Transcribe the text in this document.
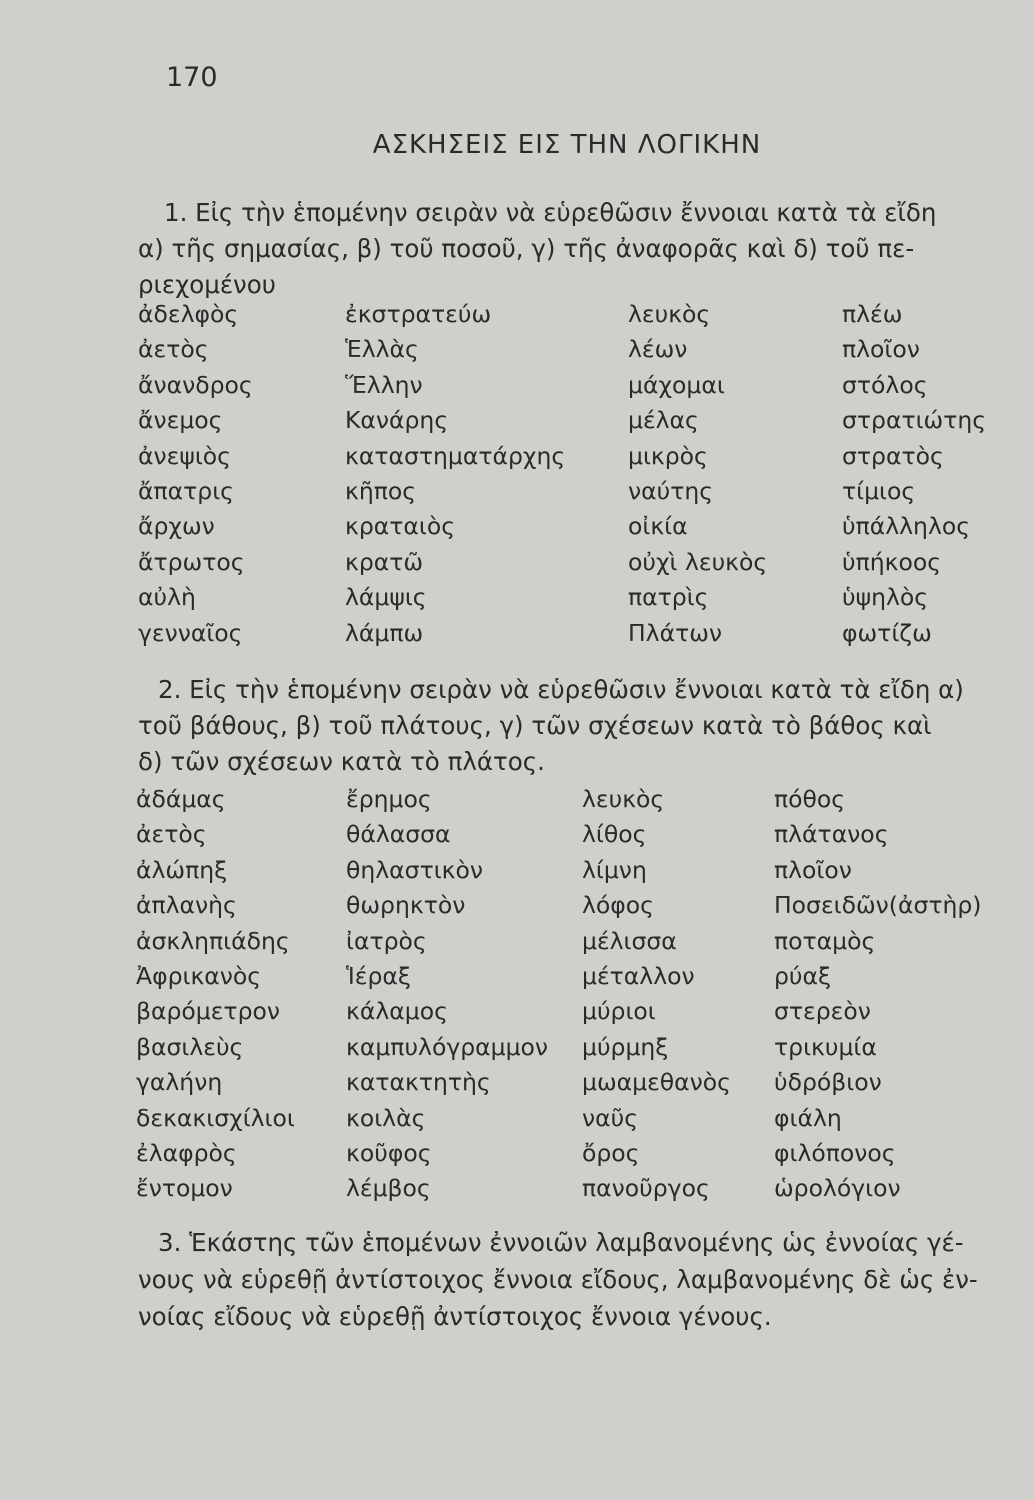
170
ΑΣΚΗΣΕΙΣ ΕΙΣ ΤΗΝ ΛΟΓΙΚΗΝ
1. Εἰς τὴν ἑπομένην σειρὰν νὰ εὑρεθῶσιν ἔννοιαι κατὰ τὰ εἴδη
α) τῆς σημασίας, β) τοῦ ποσοῦ, γ) τῆς ἀναφορᾶς καὶ δ) τοῦ πε-
ριεχομένου
ἀδελφὸς
ἀετὸς
ἄνανδρος
ἄνεμος
ἀνεψιὸς
ἄπατρις
ἄρχων
ἄτρωτος
αὐλὴ
γενναῖος
ἐκστρατεύω
Ἑλλὰς
Ἕλλην
Κανάρης
καταστηματάρχης
κῆπος
κραταιὸς
κρατῶ
λάμψις
λάμπω
λευκὸς
λέων
μάχομαι
μέλας
μικρὸς
ναύτης
οἰκία
οὐχὶ λευκὸς
πατρὶς
Πλάτων
πλέω
πλοῖον
στόλος
στρατιώτης
στρατὸς
τίμιος
ὑπάλληλος
ὑπήκοος
ὑψηλὸς
φωτίζω
2. Εἰς τὴν ἑπομένην σειρὰν νὰ εὑρεθῶσιν ἔννοιαι κατὰ τὰ εἴδη α)
τοῦ βάθους, β) τοῦ πλάτους, γ) τῶν σχέσεων κατὰ τὸ βάθος καὶ
δ) τῶν σχέσεων κατὰ τὸ πλάτος.
ἀδάμας
ἀετὸς
ἀλώπηξ
ἀπλανὴς
ἀσκληπιάδης
Ἀφρικανὸς
βαρόμετρον
βασιλεὺς
γαλήνη
δεκακισχίλιοι
ἐλαφρὸς
ἔντομον
ἔρημος
θάλασσα
θηλαστικὸν
θωρηκτὸν
ἰατρὸς
Ἱέραξ
κάλαμος
καμπυλόγραμμον
κατακτητὴς
κοιλὰς
κοῦφος
λέμβος
λευκὸς
λίθος
λίμνη
λόφος
μέλισσα
μέταλλον
μύριοι
μύρμηξ
μωαμεθανὸς
ναῦς
ὄρος
πανοῦργος
πόθος
πλάτανος
πλοῖον
Ποσειδῶν(ἀστὴρ)
ποταμὸς
ρύαξ
στερεὸν
τρικυμία
ὑδρόβιον
φιάλη
φιλόπονος
ὡρολόγιον
3. Ἑκάστης τῶν ἑπομένων ἐννοιῶν λαμβανομένης ὡς ἐννοίας γέ-
νους νὰ εὑρεθῇ ἀντίστοιχος ἔννοια εἴδους, λαμβανομένης δὲ ὡς ἐν-
νοίας εἴδους νὰ εὑρεθῇ ἀντίστοιχος ἔννοια γένους.
